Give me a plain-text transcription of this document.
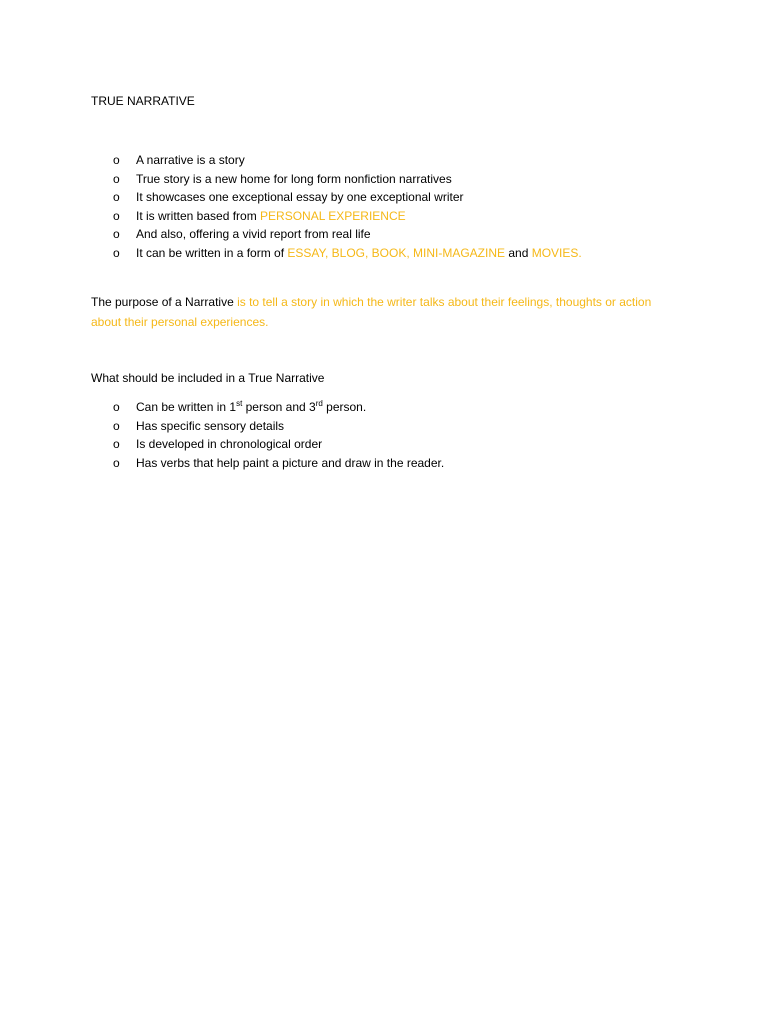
TRUE NARRATIVE
o A narrative is a story
o True story is a new home for long form nonfiction narratives
o It showcases one exceptional essay by one exceptional writer
o It is written based from PERSONAL EXPERIENCE
o And also, offering a vivid report from real life
o It can be written in a form of ESSAY, BLOG, BOOK, MINI-MAGAZINE and MOVIES.

The purpose of a Narrative is to tell a story in which the writer talks about their feelings, thoughts or action about their personal experiences.

What should be included in a True Narrative
o Can be written in 1st person and 3rd person.
o Has specific sensory details
o Is developed in chronological order
o Has verbs that help paint a picture and draw in the reader.
